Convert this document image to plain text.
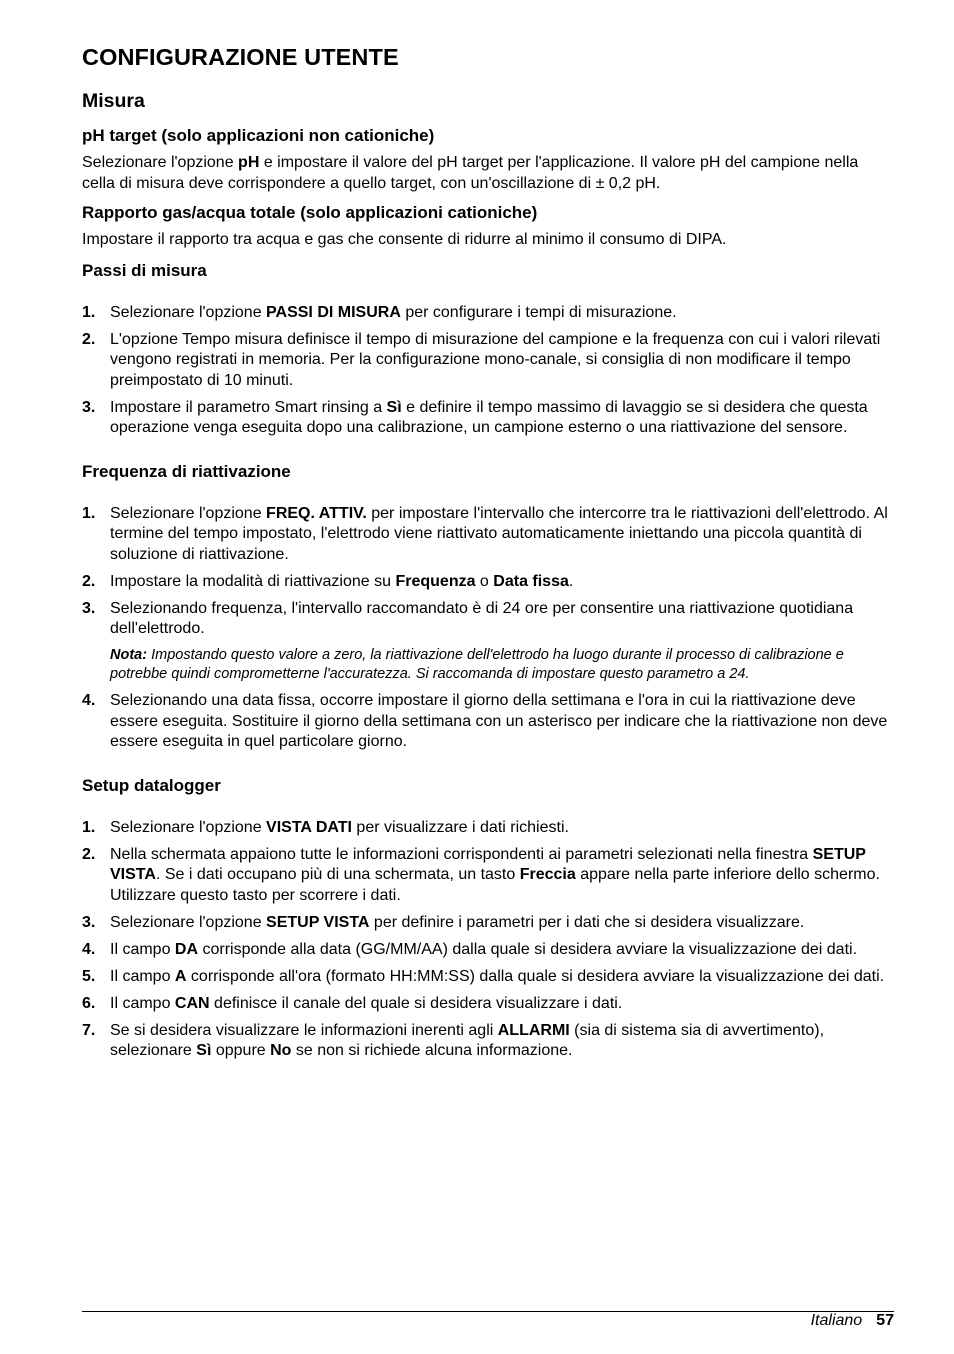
CONFIGURAZIONE UTENTE
Misura
pH target (solo applicazioni non cationiche)

Selezionare l'opzione pH e impostare il valore del pH target per l'applicazione. Il valore pH del campione nella cella di misura deve corrispondere a quello target, con un'oscillazione di ± 0,2 pH.

Rapporto gas/acqua totale (solo applicazioni cationiche)

Impostare il rapporto tra acqua e gas che consente di ridurre al minimo il consumo di DIPA.

Passi di misura
1. Selezionare l'opzione PASSI DI MISURA per configurare i tempi di misurazione.
2. L'opzione Tempo misura definisce il tempo di misurazione del campione e la frequenza con cui i valori rilevati vengono registrati in memoria. Per la configurazione mono-canale, si consiglia di non modificare il tempo preimpostato di 10 minuti.
3. Impostare il parametro Smart rinsing a Sì e definire il tempo massimo di lavaggio se si desidera che questa operazione venga eseguita dopo una calibrazione, un campione esterno o una riattivazione del sensore.
Frequenza di riattivazione
1. Selezionare l'opzione FREQ. ATTIV. per impostare l'intervallo che intercorre tra le riattivazioni dell'elettrodo. Al termine del tempo impostato, l'elettrodo viene riattivato automaticamente iniettando una piccola quantità di soluzione di riattivazione.
2. Impostare la modalità di riattivazione su Frequenza o Data fissa.
3. Selezionando frequenza, l'intervallo raccomandato è di 24 ore per consentire una riattivazione quotidiana dell'elettrodo.

Nota: Impostando questo valore a zero, la riattivazione dell'elettrodo ha luogo durante il processo di calibrazione e potrebbe quindi comprometterne l'accuratezza. Si raccomanda di impostare questo parametro a 24.

4. Selezionando una data fissa, occorre impostare il giorno della settimana e l'ora in cui la riattivazione deve essere eseguita. Sostituire il giorno della settimana con un asterisco per indicare che la riattivazione non deve essere eseguita in quel particolare giorno.
Setup datalogger
1. Selezionare l'opzione VISTA DATI per visualizzare i dati richiesti.
2. Nella schermata appaiono tutte le informazioni corrispondenti ai parametri selezionati nella finestra SETUP VISTA. Se i dati occupano più di una schermata, un tasto Freccia appare nella parte inferiore dello schermo. Utilizzare questo tasto per scorrere i dati.
3. Selezionare l'opzione SETUP VISTA per definire i parametri per i dati che si desidera visualizzare.
4. Il campo DA corrisponde alla data (GG/MM/AA) dalla quale si desidera avviare la visualizzazione dei dati.
5. Il campo A corrisponde all'ora (formato HH:MM:SS) dalla quale si desidera avviare la visualizzazione dei dati.
6. Il campo CAN definisce il canale del quale si desidera visualizzare i dati.
7. Se si desidera visualizzare le informazioni inerenti agli ALLARMI (sia di sistema sia di avvertimento), selezionare Sì oppure No se non si richiede alcuna informazione.
Italiano 57
